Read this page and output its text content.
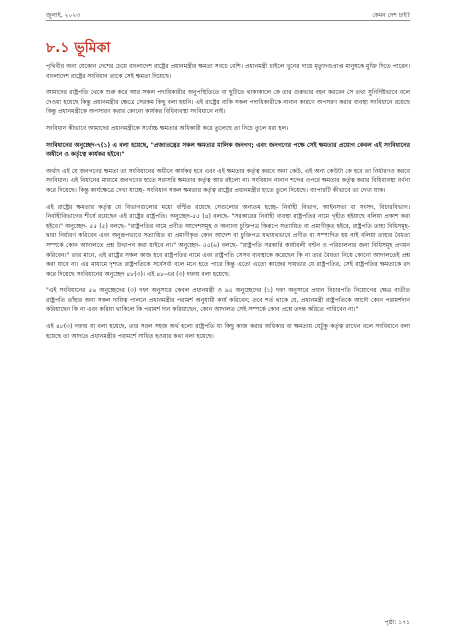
জুলাই, ২০২৩	কেমন দেশ চাই?
৮.১ ভূমিকা

পৃথিবীর অন্য যেকোন দেশের চেয়ে বাংলাদেশ রাষ্ট্রের প্রধানমন্ত্রীর ক্ষমতা সবচে বেশি। প্রধানমন্ত্রী চাইলে খুনের দায়ে মৃত্যুদণ্ডপ্রাপ্ত মানুষকে মুক্তি দিতে পারেন। বাংলাদেশ রাষ্ট্রের সংবিধান তাকে সেই ক্ষমতা দিয়েছে।

আমাদের রাষ্ট্রপতি থেকে শুরু করে আর সকল পদাধিকারীর অনুপস্থিতিতে বা ছুটিতে থাকাকালে কে তার গুরুভার বহন করবেন সে তথ্য সুনির্দিষ্টভাবে বলে দেওয়া হয়েছে কিন্তু প্রধানমন্ত্রীর ক্ষেত্রে সেরকম কিছু বলা হয়নি। এই রাষ্ট্রের বাকি সকল পদাধিকারীকে নানান কারণে অপসরণ করার ব্যবস্থা সংবিধানে রয়েছে কিন্তু প্রধানমন্ত্রীকে অপসারণ করার কোনো কার্যকর বিধিব্যবস্থা সংবিধানে নাই।

সংবিধান কীভাবে আমাদের প্রধানমন্ত্রীকে সর্বোচ্চ ক্ষমতার অধিকারী করে তুলেছে তা নিচে তুলে ধরা হল।

সংবিধানের অনুচ্ছেদ-৭(১) এ বলা হয়েছে, "প্রজাতন্ত্রের সকল ক্ষমতার মালিক জনগণ; এবং জনগণের পক্ষে সেই ক্ষমতার প্রয়োগ কেবল এই সংবিধানের অধীনে ও কর্তৃত্বে কার্যকর হইবে।"

অর্থাৎ এই যে জনগণের ক্ষমতা তা সংবিধানের অধীনে কার্যকর হবে এবং এই ক্ষমতার কর্তৃত্ব করবে অন্য কেউ, এই অন্য কেউটা কে হবে তা নির্ধারণও করবে সংবিধান। এই বিধানের মাধ্যমে জনগণের হাতে সরাসরি ক্ষমতার কর্তৃত্ব আর রইলো না। সংবিধান নানান শব্দের ওপরে ক্ষমতার কর্তৃত্ব করার বিধিব্যবস্থা বর্ণনা করে দিয়েছে। কিন্তু কার্যক্ষেত্রে দেখা যাচ্ছে- সংবিধান সকল ক্ষমতার কর্তৃত্ব রাষ্ট্রের প্রধানমন্ত্রীর হাতে তুলে দিয়েছে। ব্যাপারটি কীভাবে তা দেখা যাক।

এই রাষ্ট্রের ক্ষমতার কর্তৃত্ব যে বিভাগগুলোর মধ্যে বণ্টিত রয়েছে সেগুলোর অন্যতম হচ্ছে- নির্বাহী বিভাগ, আইনসভা বা সংসদ, বিচারবিভাগ। নির্বাহীবিভাগের শীর্ষে রয়েছেন এই রাষ্ট্রের রাষ্ট্রপতি। অনুচ্ছেদ-৫৫ (৪) বলছে- "সরকারের নির্বাহী ব্যবস্থা রাষ্ট্রপতির নামে গৃহীত হইয়াছে বলিয়া প্রকাশ করা হইবে।" অনুচ্ছেদ- ৫৫ (৫) বলছে- "রাষ্ট্রপতির নামে প্রণীত আদেশসমূহ ও অন্যান্য চুক্তিপত্র কিরূপে সত্যায়িত বা প্রমাণীকৃত হইবে, রাষ্ট্রপতি তাহা বিধিসমূহ-দ্বারা নির্ধারণ করিবেন এবং অনুরূপভাবে সত্যায়িত বা প্রমাণীকৃত কোন আদেশ বা চুক্তিপত্র যথাযথভাবে প্রণীত বা সম্পাদিত হয় নাই বলিয়া তাহার বৈধতা সম্পর্কে কোন আদালতে প্রশ্ন উত্থাপন করা যাইবে না।" অনুচ্ছেদ- ৫৫(৬) বলছে- "রাষ্ট্রপতি সরকারি কার্যাবলী বণ্টন ও পরিচালনার জন্য বিধিসমূহ প্রণয়ন করিবেন।" তার মানে, এই রাষ্ট্রের সকল কাজ হবে রাষ্ট্রপতির নামে এবং রাষ্ট্রপতি সেসব ব্যবস্থাকে করেছেন কি না তার বৈধতা নিয়ে কোনো আদালতেই প্রশ্ন করা যাবে না। এর মাধ্যমে দৃশ্যত রাষ্ট্রপতিকে সর্বেসর্বা বলে মনে হতে পারে কিন্তু এতো এতো কাজের দায়ভার যে রাষ্ট্রপতির, সেই রাষ্ট্রপতির ক্ষমতাকে রদ করে দিয়েছে সংবিধানের অনুচ্ছেদ ৪৮(৩)। এই ৪৮-এর (৩) দফায় বলা হয়েছে:

"এই সংবিধানের ৫৬ অনুচ্ছেদের (৩) দফা অনুসারে কেবল প্রধানমন্ত্রী ও ৯৫ অনুচ্ছেদের (১) দফা অনুসারে প্রধান বিচারপতি নিয়োগের ক্ষেত্র ব্যতীত রাষ্ট্রপতি তাঁহার অন্য সকল দায়িত্ব পালনে প্রধানমন্ত্রীর পরামর্শ অনুযায়ী কার্য করিবেন; তবে শর্ত থাকে যে, প্রধানমন্ত্রী রাষ্ট্রপতিকে আদৌ কোন পরামর্শদান করিয়াছেন কি না এবং করিয়া থাকিলে কি পরামর্শ দান করিয়াছেন, কোন আদালত সেই সম্পর্কে কোন প্রশ্নে তদন্ত করিতে পারিবেন না।"

এই ৪৮(৩) দফায় যা বলা হয়েছে, তার সরল সহজ অর্থ হলো রাষ্ট্রপতি যা কিছু কাজ করার অধিকার বা ক্ষমতায় যেটুকু কর্তৃত্ব রাখেন বলে সংবিধানে বলা হয়েছে তা আদতে প্রধানমন্ত্রীর পরামর্শে সাধিত হওয়ার কথা বলা হয়েছে।

পৃষ্ঠা: ১৭১
